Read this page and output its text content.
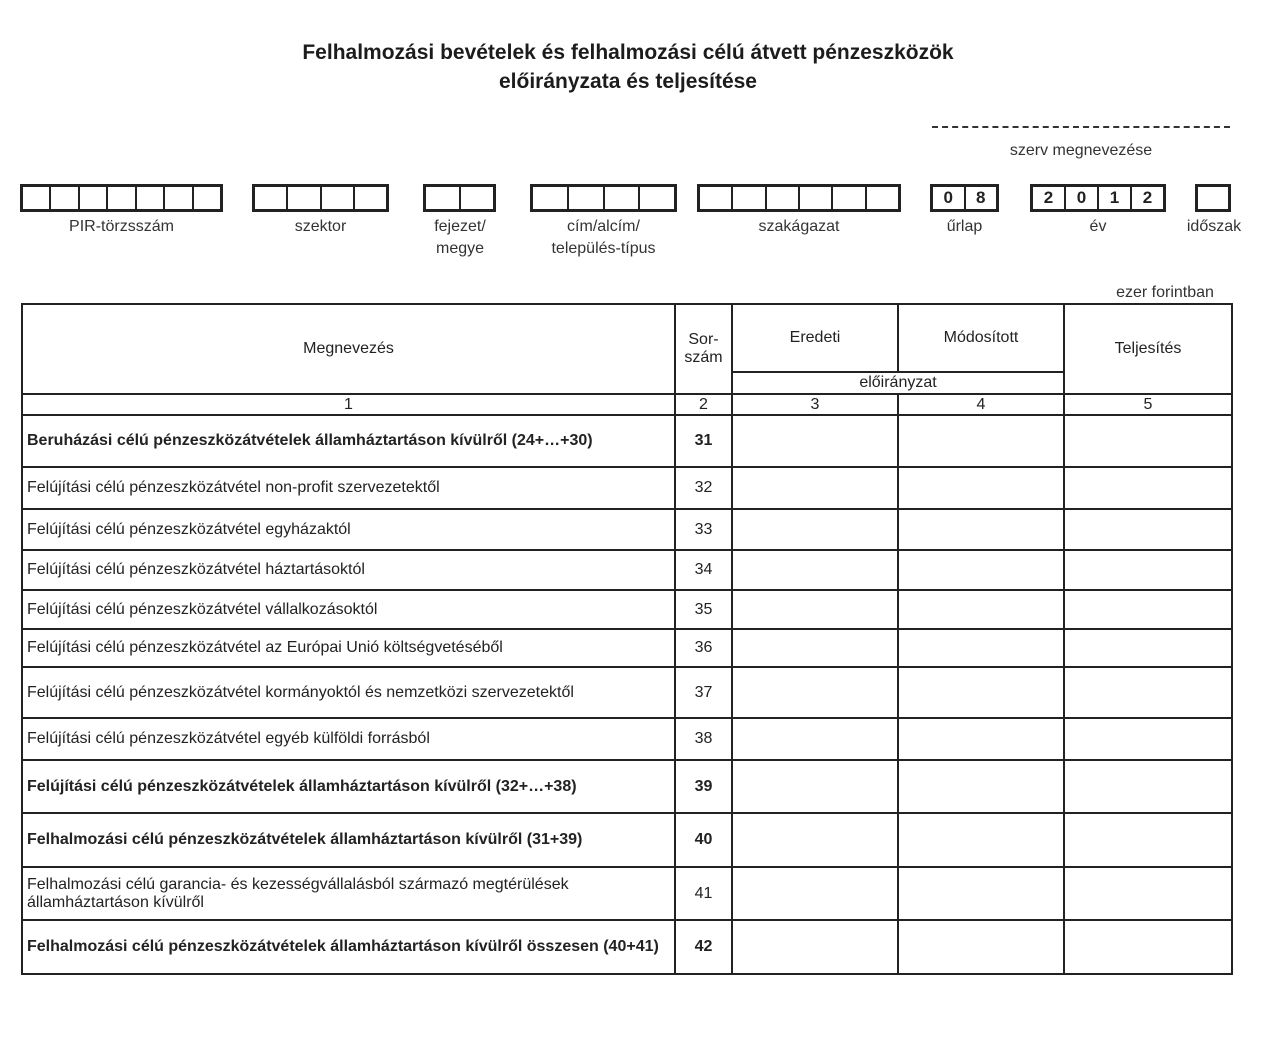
Felhalmozási bevételek és felhalmozási célú átvett pénzeszközök
előirányzata és teljesítése
szerv megnevezése
PIR-törzsszám	szektor	fejezet/
megye
cím/alcím/
település-típus
szakágazat
0	8
űrlap
2	0	1	2
év	időszak
ezer forintban
Megnevezés	Sor-
szám	Eredeti	Módosított	Teljesítés
		előirányzat		
1	2	3	4	5
Beruházási célú pénzeszközátvételek államháztartáson kívülről (24+…+30)	31			
Felújítási célú pénzeszközátvétel non-profit szervezetektől	32			
Felújítási célú pénzeszközátvétel egyházaktól	33			
Felújítási célú pénzeszközátvétel háztartásoktól	34			
Felújítási célú pénzeszközátvétel vállalkozásoktól	35			
Felújítási célú pénzeszközátvétel az Európai Unió költségvetéséből	36			
Felújítási célú pénzeszközátvétel kormányoktól és nemzetközi szervezetektől	37			
Felújítási célú pénzeszközátvétel egyéb külföldi forrásból	38			
Felújítási célú pénzeszközátvételek államháztartáson kívülről (32+…+38)	39			
Felhalmozási célú pénzeszközátvételek államháztartáson kívülről (31+39)	40			
Felhalmozási célú garancia- és kezességvállalásból származó megtérülések államháztartáson kívülről	41			
Felhalmozási célú pénzeszközátvételek államháztartáson kívülről összesen (40+41)	42			
